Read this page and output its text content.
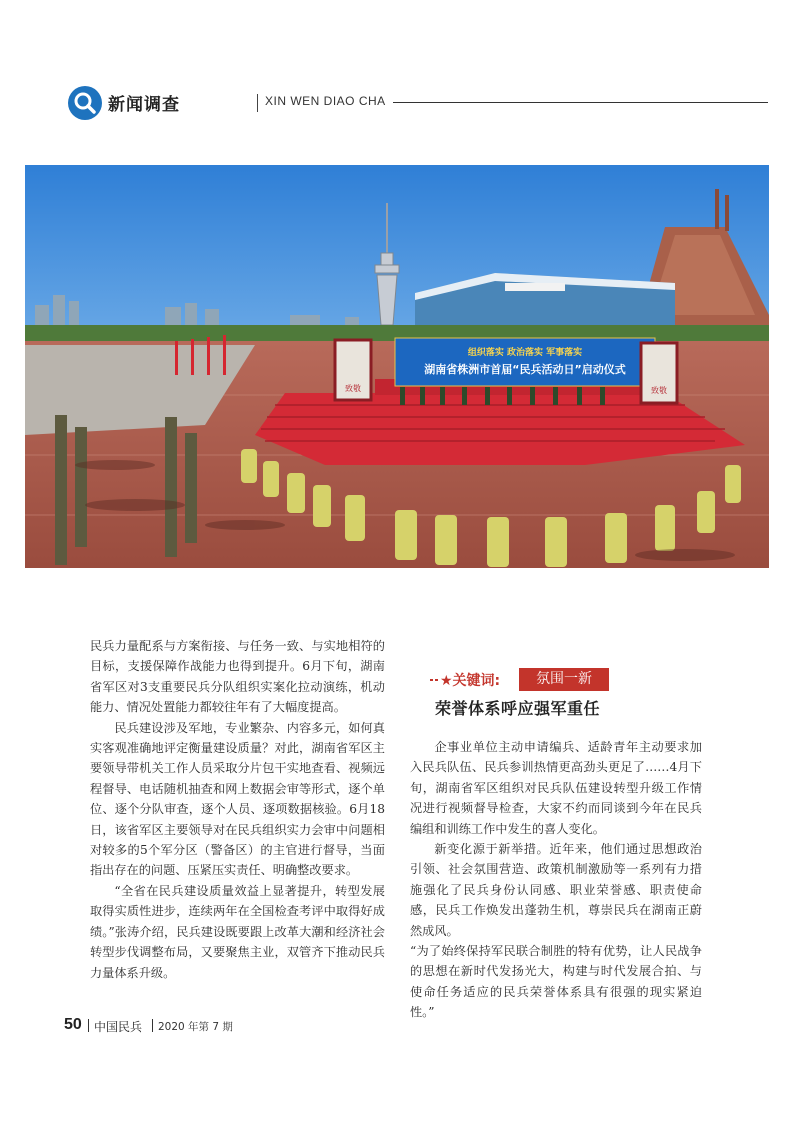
新闻调查	XIN WEN DIAO CHA
组织落实 政治落实 军事落实
湖南省株洲市首届“民兵活动日”启动仪式
致敬	致敬

民兵力量配系与方案衔接、与任务一致、与实地相符的目标，支援保障作战能力也得到提升。6月下旬，湖南省军区对3支重要民兵分队组织实案化拉动演练，机动能力、情况处置能力都较往年有了大幅度提高。

民兵建设涉及军地，专业繁杂、内容多元，如何真实客观准确地评定衡量建设质量？对此，湖南省军区主要领导带机关工作人员采取分片包干实地查看、视频远程督导、电话随机抽查和网上数据会审等形式，逐个单位、逐个分队审查，逐个人员、逐项数据核验。6月18日，该省军区主要领导对在民兵组织实力会审中问题相对较多的5个军分区（警备区）的主官进行督导，当面指出存在的问题、压紧压实责任、明确整改要求。

“全省在民兵建设质量效益上显著提升，转型发展取得实质性进步，连续两年在全国检查考评中取得好成绩。”张涛介绍，民兵建设既要跟上改革大潮和经济社会转型步伐调整布局，又要聚焦主业，双管齐下推动民兵力量体系升级。

★关键词:	氛围一新
荣誉体系呼应强军重任

企事业单位主动申请编兵、适龄青年主动要求加入民兵队伍、民兵参训热情更高劲头更足了……4月下旬，湖南省军区组织对民兵队伍建设转型升级工作情况进行视频督导检查，大家不约而同谈到今年在民兵编组和训练工作中发生的喜人变化。

新变化源于新举措。近年来，他们通过思想政治引领、社会氛围营造、政策机制激励等一系列有力措施强化了民兵身份认同感、职业荣誉感、职责使命感，民兵工作焕发出蓬勃生机，尊崇民兵在湖南正蔚然成风。

“为了始终保持军民联合制胜的特有优势，让人民战争的思想在新时代发扬光大，构建与时代发展合拍、与使命任务适应的民兵荣誉体系具有很强的现实紧迫性。”

50 中国民兵 2020 年第 7 期
